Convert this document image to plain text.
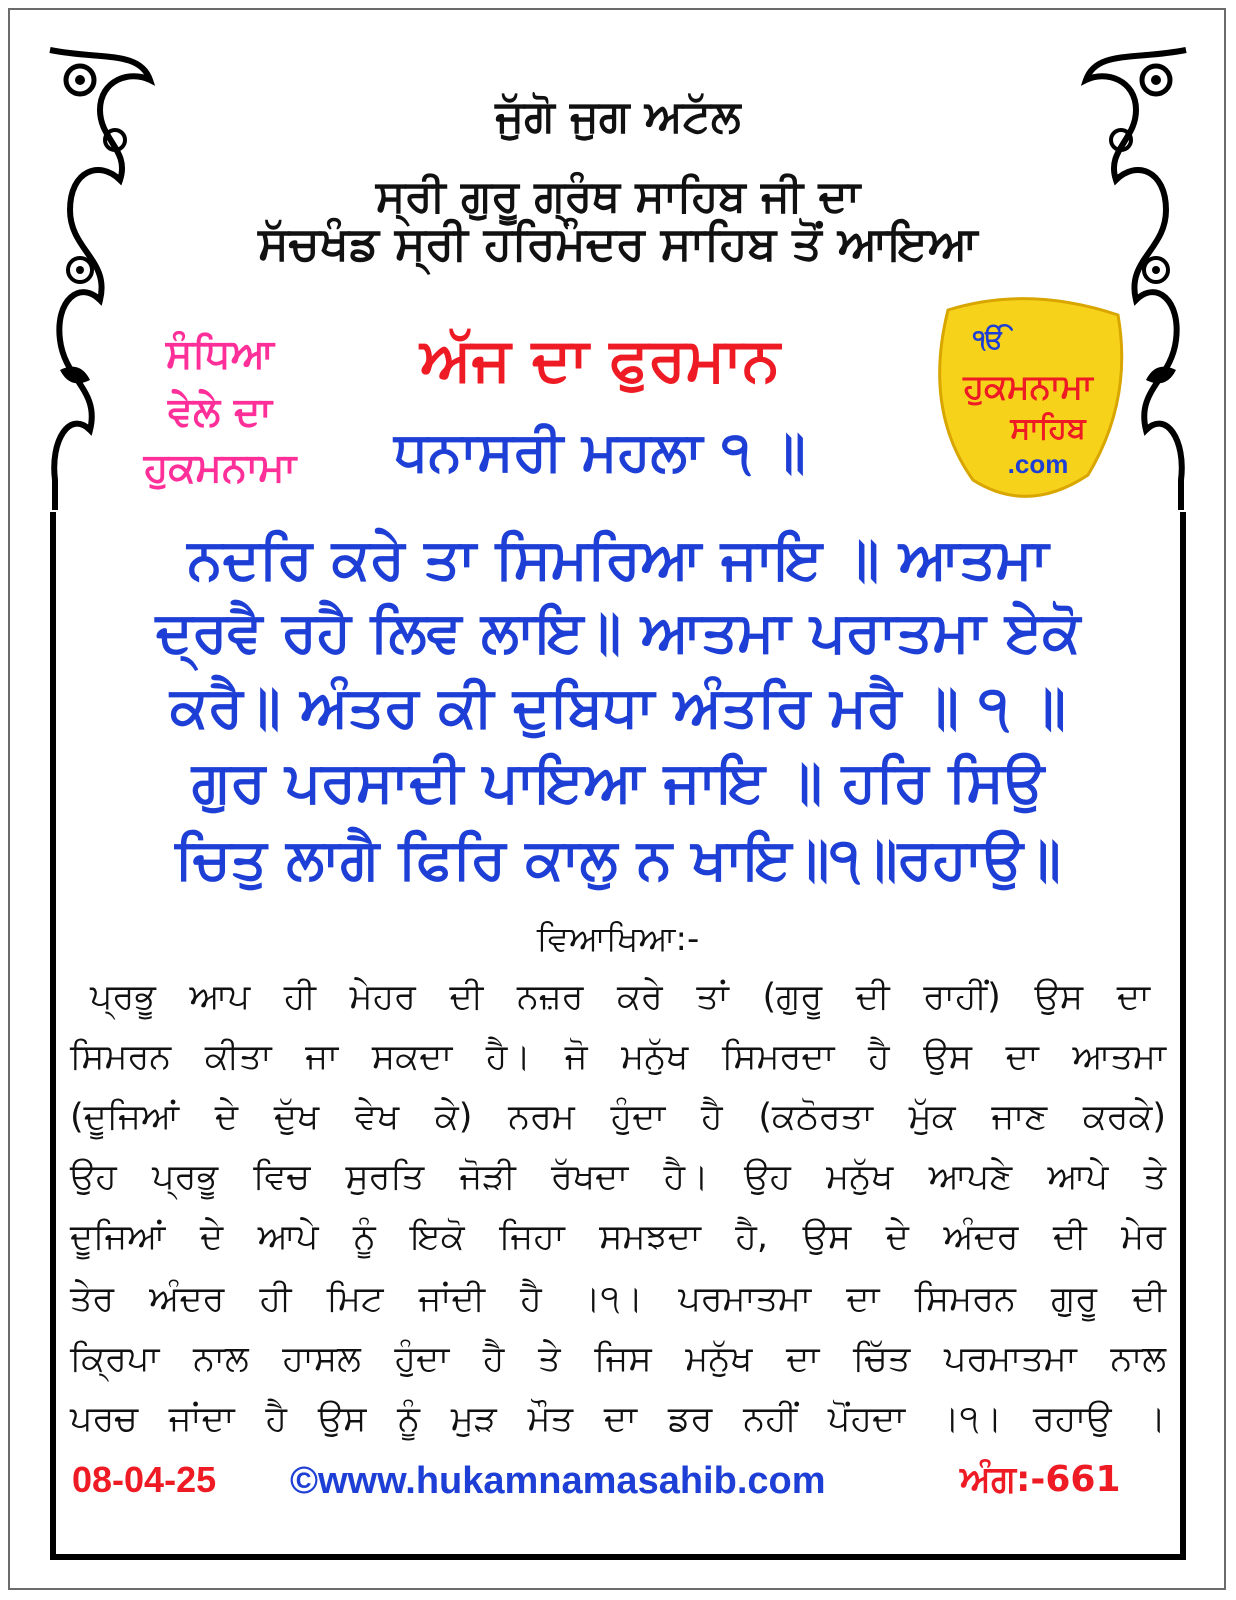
ਜੁੱਗੋ ਜੁਗ ਅਟੱਲ
ਸ੍ਰੀ ਗੁਰੂ ਗ੍ਰੰਥ ਸਾਹਿਬ ਜੀ ਦਾ
ਸੱਚਖੰਡ ਸ੍ਰੀ ਹਰਿਮੰਦਰ ਸਾਹਿਬ ਤੋਂ ਆਇਆ
ਸੰਧਿਆ
ਵੇਲੇ ਦਾ
ਹੁਕਮਨਾਮਾ
ਅੱਜ ਦਾ ਫੁਰਮਾਨ
ਧਨਾਸਰੀ ਮਹਲਾ ੧ ॥
ੴ
ਹੁਕਮਨਾਮਾ
ਸਾਹਿਬ
.com
ਨਦਰਿ ਕਰੇ ਤਾ ਸਿਮਰਿਆ ਜਾਇ ॥ ਆਤਮਾ
ਦ੍ਰਵੈ ਰਹੈ ਲਿਵ ਲਾਇ॥ ਆਤਮਾ ਪਰਾਤਮਾ ਏਕੋ
ਕਰੈ॥ ਅੰਤਰ ਕੀ ਦੁਬਿਧਾ ਅੰਤਰਿ ਮਰੈ ॥ ੧ ॥
ਗੁਰ ਪਰਸਾਦੀ ਪਾਇਆ ਜਾਇ ॥ ਹਰਿ ਸਿਉ
ਚਿਤੁ ਲਾਗੈ ਫਿਰਿ ਕਾਲੁ ਨ ਖਾਇ॥੧॥ਰਹਾਉ॥
ਵਿਆਖਿਆ:-
ਪ੍ਰਭੂ ਆਪ ਹੀ ਮੇਹਰ ਦੀ ਨਜ਼ਰ ਕਰੇ ਤਾਂ (ਗੁਰੂ ਦੀ ਰਾਹੀਂ) ਉਸ ਦਾ
ਸਿਮਰਨ ਕੀਤਾ ਜਾ ਸਕਦਾ ਹੈ। ਜੋ ਮਨੁੱਖ ਸਿਮਰਦਾ ਹੈ ਉਸ ਦਾ ਆਤਮਾ
(ਦੂਜਿਆਂ ਦੇ ਦੁੱਖ ਵੇਖ ਕੇ) ਨਰਮ ਹੁੰਦਾ ਹੈ (ਕਠੋਰਤਾ ਮੁੱਕ ਜਾਣ ਕਰਕੇ)
ਉਹ ਪ੍ਰਭੂ ਵਿਚ ਸੁਰਤਿ ਜੋੜੀ ਰੱਖਦਾ ਹੈ। ਉਹ ਮਨੁੱਖ ਆਪਣੇ ਆਪੇ ਤੇ
ਦੂਜਿਆਂ ਦੇ ਆਪੇ ਨੂੰ ਇਕੋ ਜਿਹਾ ਸਮਝਦਾ ਹੈ, ਉਸ ਦੇ ਅੰਦਰ ਦੀ ਮੇਰ
ਤੇਰ ਅੰਦਰ ਹੀ ਮਿਟ ਜਾਂਦੀ ਹੈ ।੧। ਪਰਮਾਤਮਾ ਦਾ ਸਿਮਰਨ ਗੁਰੂ ਦੀ
ਕ੍ਰਿਪਾ ਨਾਲ ਹਾਸਲ ਹੁੰਦਾ ਹੈ ਤੇ ਜਿਸ ਮਨੁੱਖ ਦਾ ਚਿੱਤ ਪਰਮਾਤਮਾ ਨਾਲ
ਪਰਚ ਜਾਂਦਾ ਹੈ ਉਸ ਨੂੰ ਮੁੜ ਮੌਤ ਦਾ ਡਰ ਨਹੀਂ ਪੋਂਹਦਾ ।੧। ਰਹਾਉ ।
08-04-25 ©www.hukamnamasahib.com	ਅੰਗ:-661
